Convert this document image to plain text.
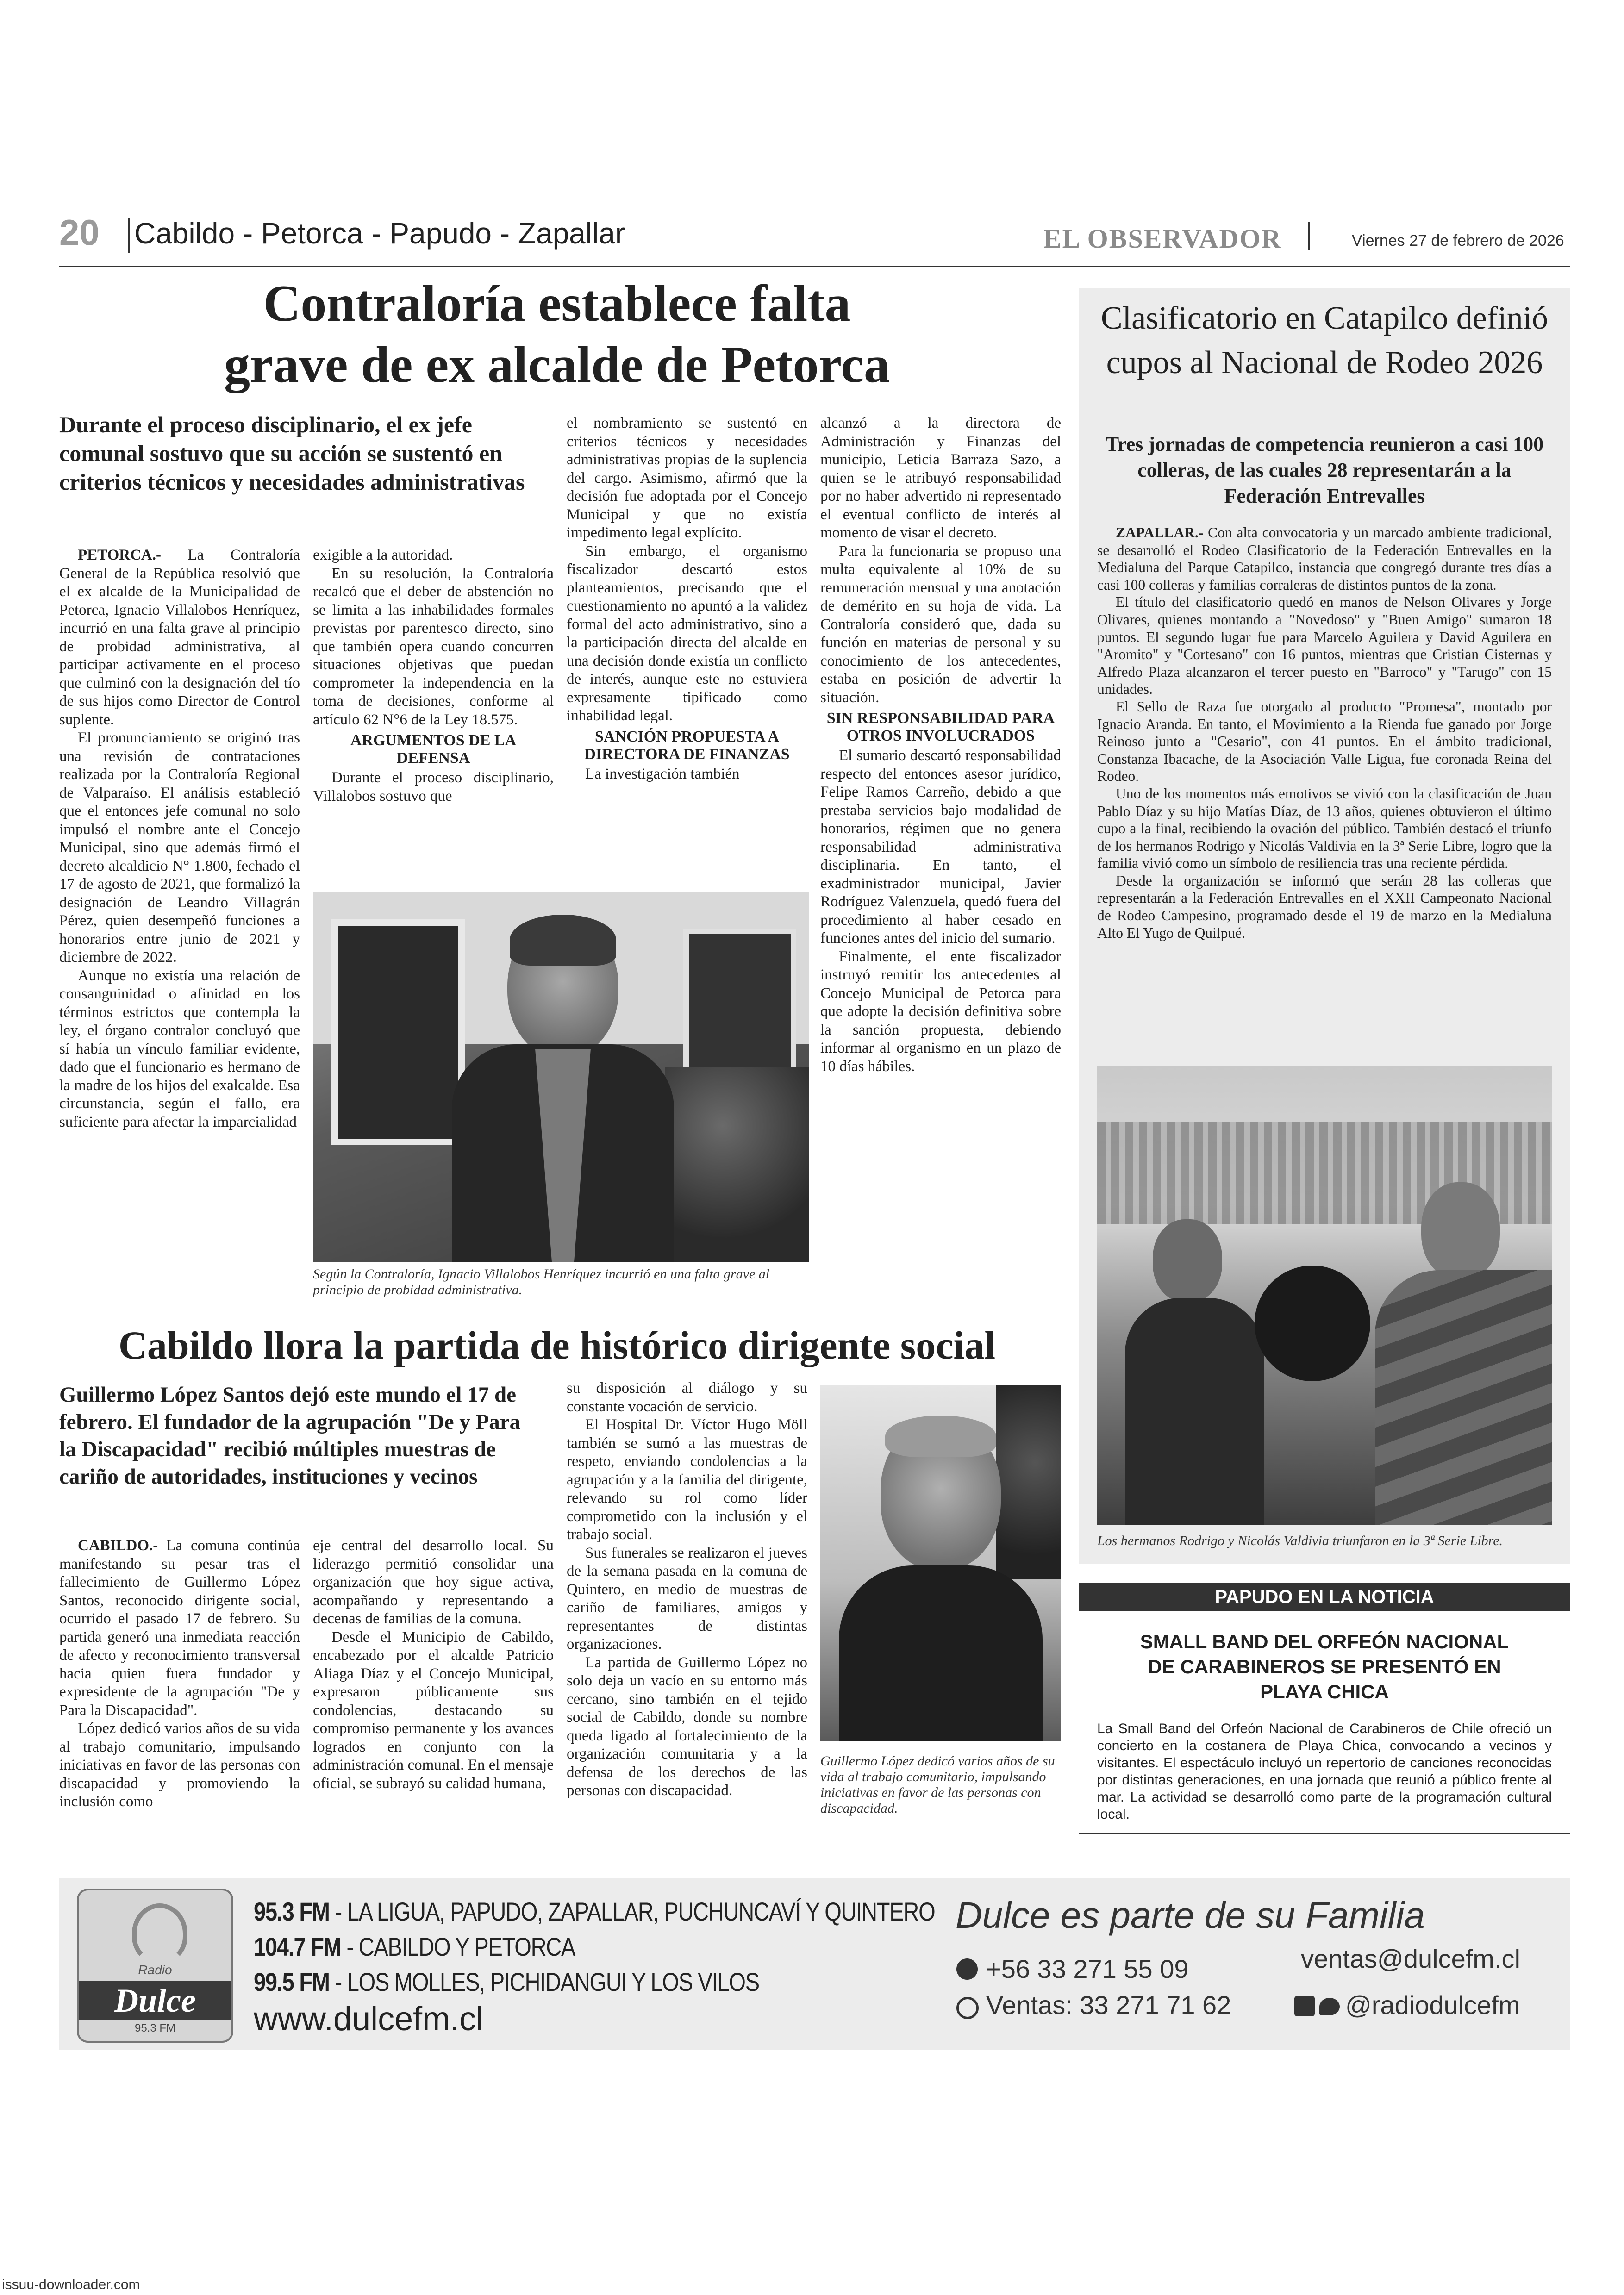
20 Cabildo - Petorca - Papudo - Zapallar	EL OBSERVADOR	Viernes 27 de febrero de 2026
Contraloría establece falta
grave de ex alcalde de Petorca
Durante el proceso disciplinario, el ex jefe comunal sostuvo que su acción se sustentó en criterios técnicos y necesidades administrativas

PETORCA.- La Contraloría General de la República resolvió que el ex alcalde de la Municipalidad de Petorca, Ignacio Villalobos Henríquez, incurrió en una falta grave al principio de probidad administrativa, al participar activamente en el proceso que culminó con la designación del tío de sus hijos como Director de Control suplente.

El pronunciamiento se originó tras una revisión de contrataciones realizada por la Contraloría Regional de Valparaíso. El análisis estableció que el entonces jefe comunal no solo impulsó el nombre ante el Concejo Municipal, sino que además firmó el decreto alcaldicio N° 1.800, fechado el 17 de agosto de 2021, que formalizó la designación de Leandro Villagrán Pérez, quien desempeñó funciones a honorarios entre junio de 2021 y diciembre de 2022.

Aunque no existía una relación de consanguinidad o afinidad en los términos estrictos que contempla la ley, el órgano contralor concluyó que sí había un vínculo familiar evidente, dado que el funcionario es hermano de la madre de los hijos del exalcalde. Esa circunstancia, según el fallo, era suficiente para afectar la imparcialidad

exigible a la autoridad.

En su resolución, la Contraloría recalcó que el deber de abstención no se limita a las inhabilidades formales previstas por parentesco directo, sino que también opera cuando concurren situaciones objetivas que puedan comprometer la independencia en la toma de decisiones, conforme al artículo 62 N°6 de la Ley 18.575.

ARGUMENTOS DE LA DEFENSA

Durante el proceso disciplinario, Villalobos sostuvo que

el nombramiento se sustentó en criterios técnicos y necesidades administrativas propias de la suplencia del cargo. Asimismo, afirmó que la decisión fue adoptada por el Concejo Municipal y que no existía impedimento legal explícito.

Sin embargo, el organismo fiscalizador descartó estos planteamientos, precisando que el cuestionamiento no apuntó a la validez formal del acto administrativo, sino a la participación directa del alcalde en una decisión donde existía un conflicto de interés, aunque este no estuviera expresamente tipificado como inhabilidad legal.

SANCIÓN PROPUESTA A DIRECTORA DE FINANZAS

La investigación también

alcanzó a la directora de Administración y Finanzas del municipio, Leticia Barraza Sazo, a quien se le atribuyó responsabilidad por no haber advertido ni representado el eventual conflicto de interés al momento de visar el decreto.

Para la funcionaria se propuso una multa equivalente al 10% de su remuneración mensual y una anotación de demérito en su hoja de vida. La Contraloría consideró que, dada su función en materias de personal y su conocimiento de los antecedentes, estaba en posición de advertir la situación.

SIN RESPONSABILIDAD PARA OTROS INVOLUCRADOS

El sumario descartó responsabilidad respecto del entonces asesor jurídico, Felipe Ramos Carreño, debido a que prestaba servicios bajo modalidad de honorarios, régimen que no genera responsabilidad administrativa disciplinaria. En tanto, el exadministrador municipal, Javier Rodríguez Valenzuela, quedó fuera del procedimiento al haber cesado en funciones antes del inicio del sumario.

Finalmente, el ente fiscalizador instruyó remitir los antecedentes al Concejo Municipal de Petorca para que adopte la decisión definitiva sobre la sanción propuesta, debiendo informar al organismo en un plazo de 10 días hábiles.

Según la Contraloría, Ignacio Villalobos Henríquez incurrió en una falta grave al principio de probidad administrativa.
Cabildo llora la partida de histórico dirigente social
Guillermo López Santos dejó este mundo el 17 de febrero. El fundador de la agrupación "De y Para la Discapacidad" recibió múltiples muestras de cariño de autoridades, instituciones y vecinos

CABILDO.- La comuna continúa manifestando su pesar tras el fallecimiento de Guillermo López Santos, reconocido dirigente social, ocurrido el pasado 17 de febrero. Su partida generó una inmediata reacción de afecto y reconocimiento transversal hacia quien fuera fundador y expresidente de la agrupación "De y Para la Discapacidad".

López dedicó varios años de su vida al trabajo comunitario, impulsando iniciativas en favor de las personas con discapacidad y promoviendo la inclusión como

eje central del desarrollo local. Su liderazgo permitió consolidar una organización que hoy sigue activa, acompañando y representando a decenas de familias de la comuna.

Desde el Municipio de Cabildo, encabezado por el alcalde Patricio Aliaga Díaz y el Concejo Municipal, expresaron públicamente sus condolencias, destacando su compromiso permanente y los avances logrados en conjunto con la administración comunal. En el mensaje oficial, se subrayó su calidad humana,

su disposición al diálogo y su constante vocación de servicio.

El Hospital Dr. Víctor Hugo Möll también se sumó a las muestras de respeto, enviando condolencias a la agrupación y a la familia del dirigente, relevando su rol como líder comprometido con la inclusión y el trabajo social.

Sus funerales se realizaron el jueves de la semana pasada en la comuna de Quintero, en medio de muestras de cariño de familiares, amigos y representantes de distintas organizaciones.

La partida de Guillermo López no solo deja un vacío en su entorno más cercano, sino también en el tejido social de Cabildo, donde su nombre queda ligado al fortalecimiento de la organización comunitaria y a la defensa de los derechos de las personas con discapacidad.

Guillermo López dedicó varios años de su vida al trabajo comunitario, impulsando iniciativas en favor de las personas con discapacidad.
Clasificatorio en Catapilco definió cupos al Nacional de Rodeo 2026
Tres jornadas de competencia reunieron a casi 100 colleras, de las cuales 28 representarán a la Federación Entrevalles

ZAPALLAR.- Con alta convocatoria y un marcado ambiente tradicional, se desarrolló el Rodeo Clasificatorio de la Federación Entrevalles en la Medialuna del Parque Catapilco, instancia que congregó durante tres días a casi 100 colleras y familias corraleras de distintos puntos de la zona.

El título del clasificatorio quedó en manos de Nelson Olivares y Jorge Olivares, quienes montando a "Novedoso" y "Buen Amigo" sumaron 18 puntos. El segundo lugar fue para Marcelo Aguilera y David Aguilera en "Aromito" y "Cortesano" con 16 puntos, mientras que Cristian Cisternas y Alfredo Plaza alcanzaron el tercer puesto en "Barroco" y "Tarugo" con 15 unidades.

El Sello de Raza fue otorgado al producto "Promesa", montado por Ignacio Aranda. En tanto, el Movimiento a la Rienda fue ganado por Jorge Reinoso junto a "Cesario", con 41 puntos. En el ámbito tradicional, Constanza Ibacache, de la Asociación Valle Ligua, fue coronada Reina del Rodeo.

Uno de los momentos más emotivos se vivió con la clasificación de Juan Pablo Díaz y su hijo Matías Díaz, de 13 años, quienes obtuvieron el último cupo a la final, recibiendo la ovación del público. También destacó el triunfo de los hermanos Rodrigo y Nicolás Valdivia en la 3ª Serie Libre, logro que la familia vivió como un símbolo de resiliencia tras una reciente pérdida.

Desde la organización se informó que serán 28 las colleras que representarán a la Federación Entrevalles en el XXII Campeonato Nacional de Rodeo Campesino, programado desde el 19 de marzo en la Medialuna Alto El Yugo de Quilpué.

Los hermanos Rodrigo y Nicolás Valdivia triunfaron en la 3ª Serie Libre.
PAPUDO EN LA NOTICIA
SMALL BAND DEL ORFEÓN NACIONAL DE CARABINEROS SE PRESENTÓ EN PLAYA CHICA
La Small Band del Orfeón Nacional de Carabineros de Chile ofreció un concierto en la costanera de Playa Chica, convocando a vecinos y visitantes. El espectáculo incluyó un repertorio de canciones reconocidas por distintas generaciones, en una jornada que reunió a público frente al mar. La actividad se desarrolló como parte de la programación cultural local.
Radio
Dulce
95.3 FM
95.3 FM - LA LIGUA, PAPUDO, ZAPALLAR, PUCHUNCAVÍ Y QUINTERO
104.7 FM - CABILDO Y PETORCA
99.5 FM - LOS MOLLES, PICHIDANGUI Y LOS VILOS
www.dulcefm.cl
Dulce es parte de su Familia
+56 33 271 55 09
Ventas: 33 271 71 62
ventas@dulcefm.cl
@radiodulcefm
issuu-downloader.com
